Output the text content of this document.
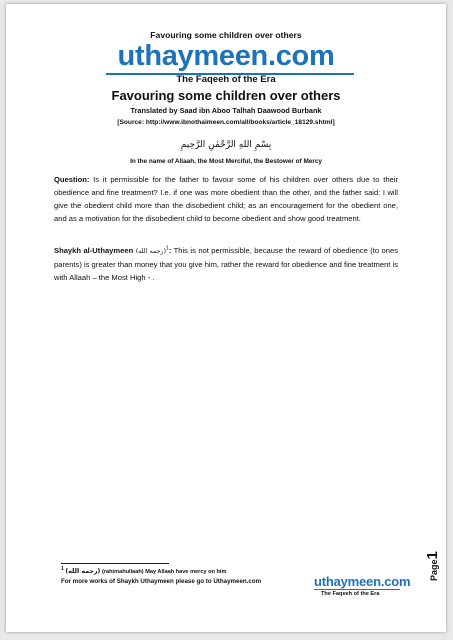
Favouring some children over others
uthaymeen.com
The Faqeeh of the Era
Favouring some children over others
Translated by Saad ibn Aboo Talhah Daawood Burbank
[Source: http://www.ibnothaimeen.com/all/books/article_18129.shtml]
بِسْمِ اللهِ الرَّحْمٰنِ الرَّحِيمِ
In the name of Allaah, the Most Merciful, the Bestower of Mercy
Question: Is it permissible for the father to favour some of his children over others due to their obedience and fine treatment? I.e. if one was more obedient than the other, and the father said: I will give the obedient child more than the disobedient child; as an encouragement for the obedient one, and as a motivation for the disobedient child to become obedient and show good treatment.
Shaykh al-Uthaymeen (رحمه الله)$^1$: This is not permissible, because the reward of obedience (to ones parents) is greater than money that you give him, rather the reward for obedience and fine treatment is with Allaah – the Most High - .
$^1$ (رحمه الله) (rahimahullaah) May Allaah have mercy on him
For more works of Shaykh Uthaymeen please go to Uthaymeen.com	uthaymeen.com
The Faqeeh of the Era
Page1
